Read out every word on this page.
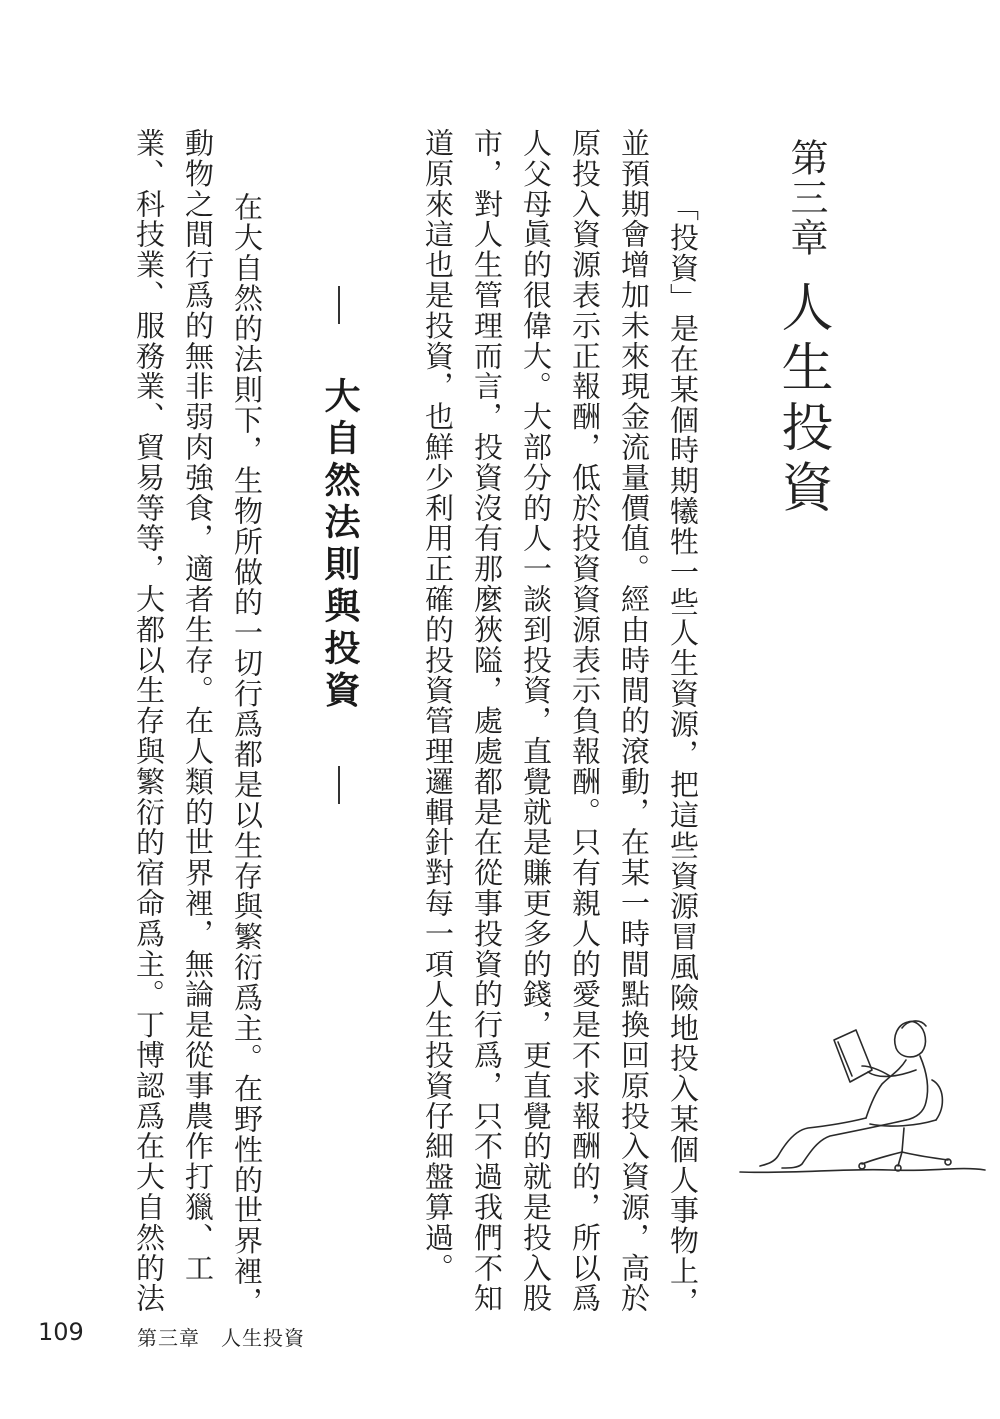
第三章
人生投資
「投資」是在某個時期犧牲一些人生資源，把這些資源冒風險地投入某個人事物上，
並預期會增加未來現金流量價值。經由時間的滾動，在某一時間點換回原投入資源，高於
原投入資源表示正報酬，低於投資資源表示負報酬。只有親人的愛是不求報酬的，所以爲
人父母眞的很偉大。大部分的人一談到投資，直覺就是賺更多的錢，更直覺的就是投入股
市，對人生管理而言，投資沒有那麼狹隘，處處都是在從事投資的行爲，只不過我們不知
道原來這也是投資，也鮮少利用正確的投資管理邏輯針對每一項人生投資仔細盤算過。
大自然法則與投資
在大自然的法則下，生物所做的一切行爲都是以生存與繁衍爲主。在野性的世界裡，
動物之間行爲的無非弱肉強食，適者生存。在人類的世界裡，無論是從事農作打獵、工
業、科技業、服務業、貿易等等，大都以生存與繁衍的宿命爲主。丁博認爲在大自然的法
109	第三章　人生投資
